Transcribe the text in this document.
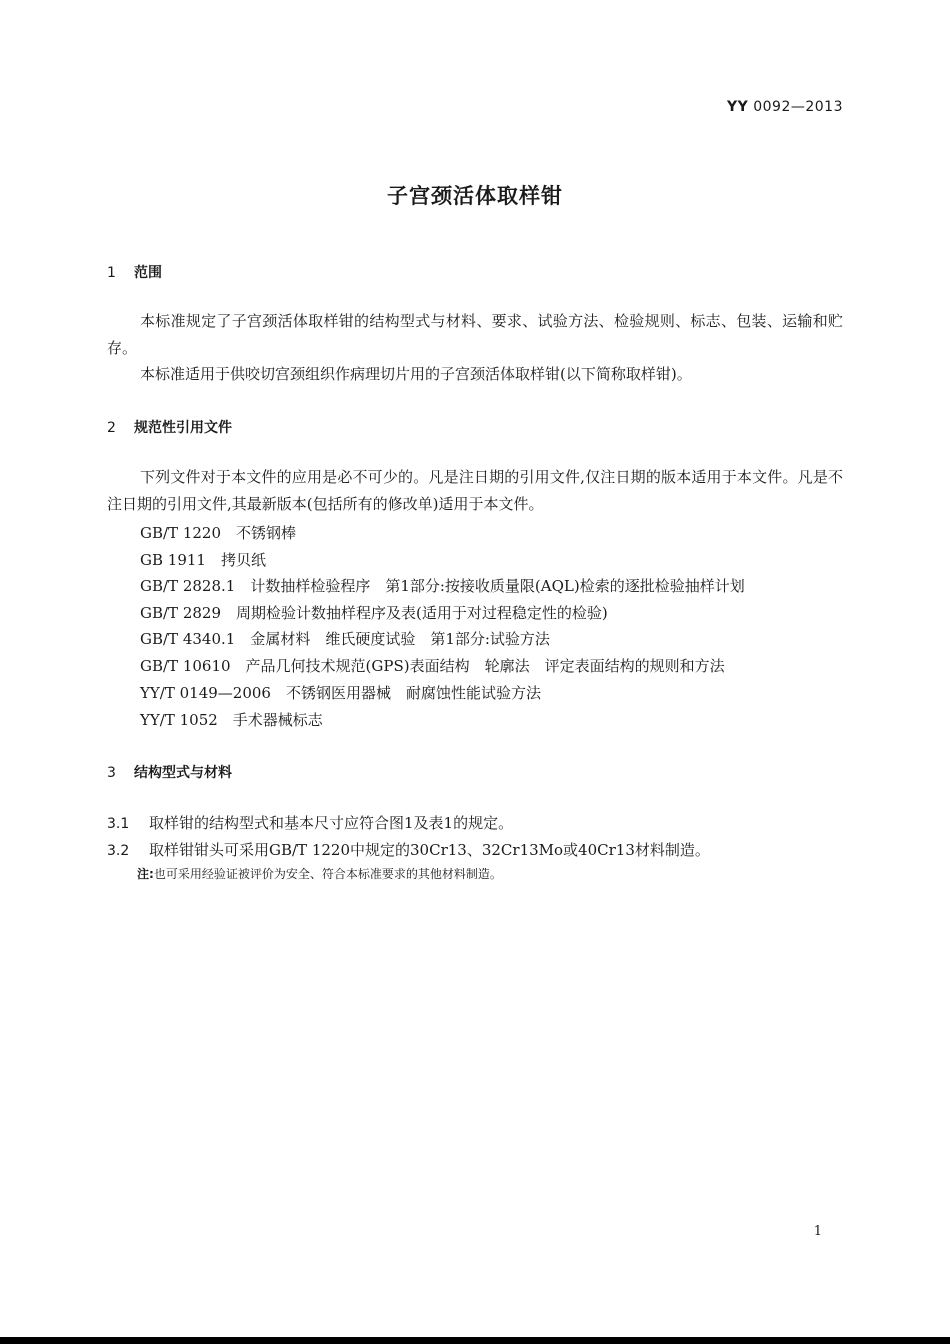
YY 0092—2013
子宫颈活体取样钳
1 范围
本标准规定了子宫颈活体取样钳的结构型式与材料、要求、试验方法、检验规则、标志、包装、运输和贮存。
本标准适用于供咬切宫颈组织作病理切片用的子宫颈活体取样钳(以下简称取样钳)。
2 规范性引用文件
下列文件对于本文件的应用是必不可少的。凡是注日期的引用文件,仅注日期的版本适用于本文件。凡是不注日期的引用文件,其最新版本(包括所有的修改单)适用于本文件。
GB/T 1220　不锈钢棒
GB 1911　拷贝纸
GB/T 2828.1　计数抽样检验程序　第1部分:按接收质量限(AQL)检索的逐批检验抽样计划
GB/T 2829　周期检验计数抽样程序及表(适用于对过程稳定性的检验)
GB/T 4340.1　金属材料　维氏硬度试验　第1部分:试验方法
GB/T 10610　产品几何技术规范(GPS)表面结构　轮廓法　评定表面结构的规则和方法
YY/T 0149—2006　不锈钢医用器械　耐腐蚀性能试验方法
YY/T 1052　手术器械标志
3 结构型式与材料
3.1 取样钳的结构型式和基本尺寸应符合图1及表1的规定。
3.2 取样钳钳头可采用GB/T 1220中规定的30Cr13、32Cr13Mo或40Cr13材料制造。
注:也可采用经验证被评价为安全、符合本标准要求的其他材料制造。
1
